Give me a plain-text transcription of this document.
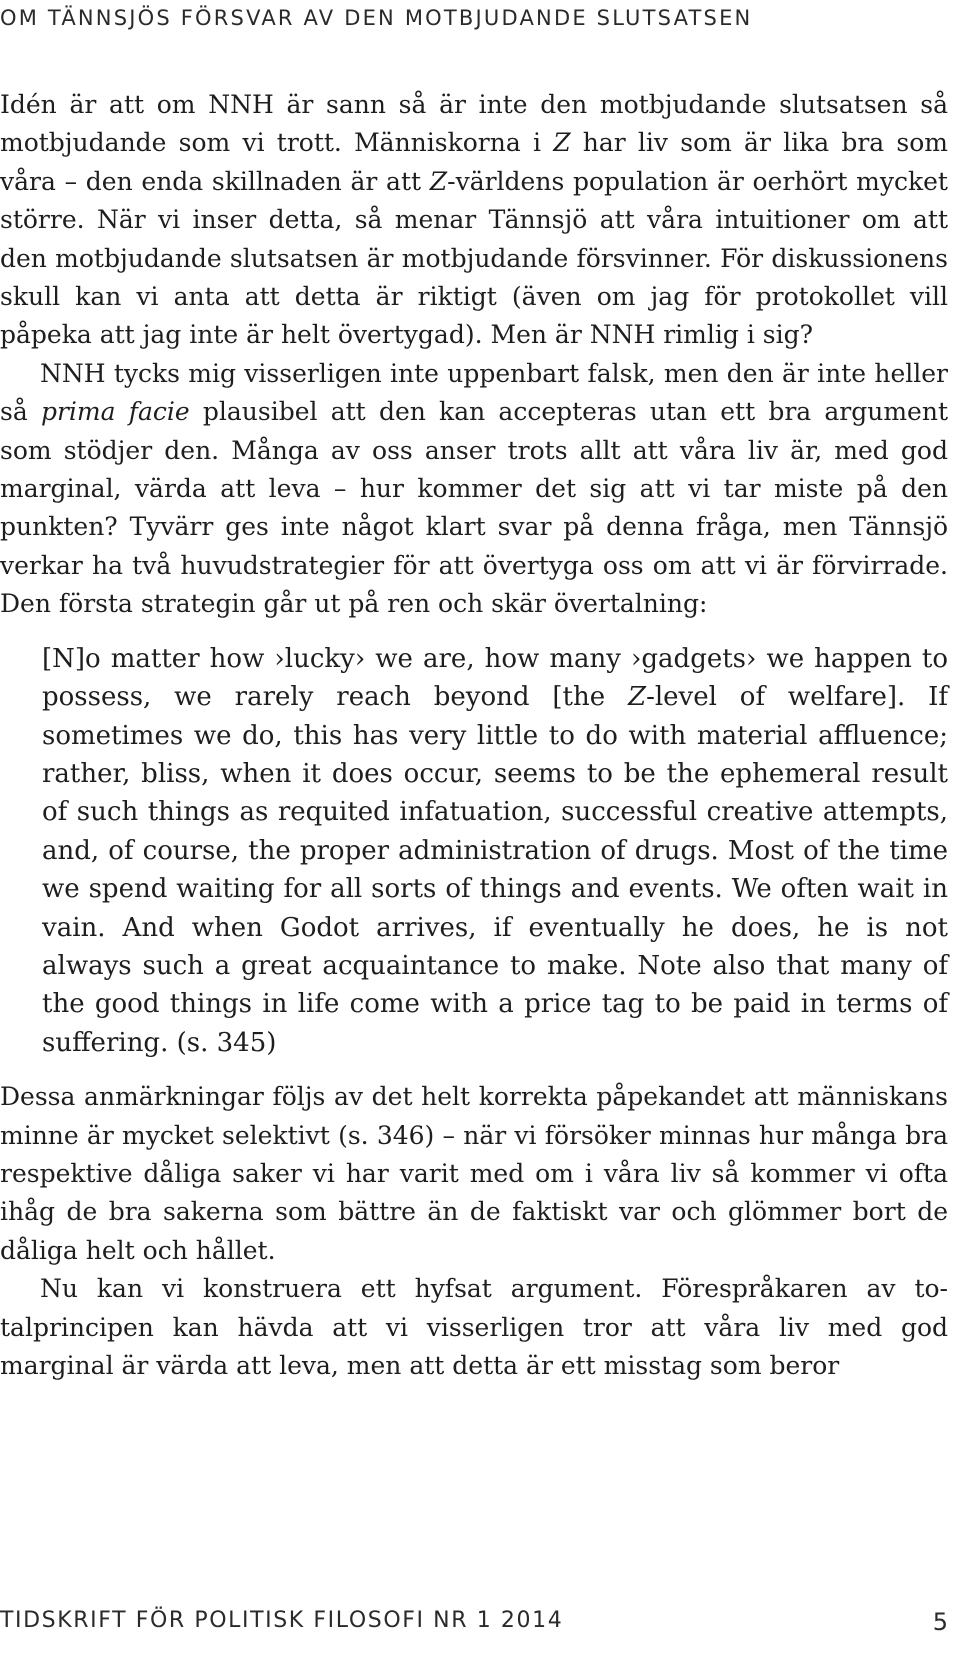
OM TÄNNSJÖS FÖRSVAR AV DEN MOTBJUDANDE SLUTSATSEN

Idén är att om NNH är sann så är inte den motbjudande slutsatsen så motbjudande som vi trott. Människorna i Z har liv som är lika bra som våra – den enda skillnaden är att Z-världens population är oerhört mycket större. När vi inser detta, så menar Tännsjö att våra intuitioner om att den motbjudande slutsatsen är motbjudande försvinner. För diskussionens skull kan vi anta att detta är riktigt (även om jag för protokollet vill påpeka att jag inte är helt övertygad). Men är NNH rimlig i sig?

NNH tycks mig visserligen inte uppenbart falsk, men den är inte heller så prima facie plausibel att den kan accepteras utan ett bra argument som stödjer den. Många av oss anser trots allt att våra liv är, med god marginal, värda att leva – hur kommer det sig att vi tar miste på den punkten? Tyvärr ges inte något klart svar på denna fråga, men Tännsjö verkar ha två huvudstrategier för att övertyga oss om att vi är förvirrade. Den första strategin går ut på ren och skär övertalning:

[N]o matter how ›lucky› we are, how many ›gadgets› we happen to possess, we rarely reach beyond [the Z-level of welfare]. If sometimes we do, this has very little to do with material affluence; rather, bliss, when it does occur, seems to be the ephemeral result of such things as requited infatuation, successful creative attempts, and, of course, the proper administration of drugs. Most of the time we spend waiting for all sorts of things and events. We often wait in vain. And when Godot arrives, if eventually he does, he is not always such a great acquaintance to make. Note also that many of the good things in life come with a price tag to be paid in terms of suffering. (s. 345)

Dessa anmärkningar följs av det helt korrekta påpekandet att människans minne är mycket selektivt (s. 346) – när vi försöker minnas hur många bra respektive dåliga saker vi har varit med om i våra liv så kommer vi ofta ihåg de bra sakerna som bättre än de faktiskt var och glömmer bort de dåliga helt och hållet.

Nu kan vi konstruera ett hyfsat argument. Förespråkaren av totalprincipen kan hävda att vi visserligen tror att våra liv med god marginal är värda att leva, men att detta är ett misstag som beror

TIDSKRIFT FÖR POLITISK FILOSOFI NR 1 2014	5
